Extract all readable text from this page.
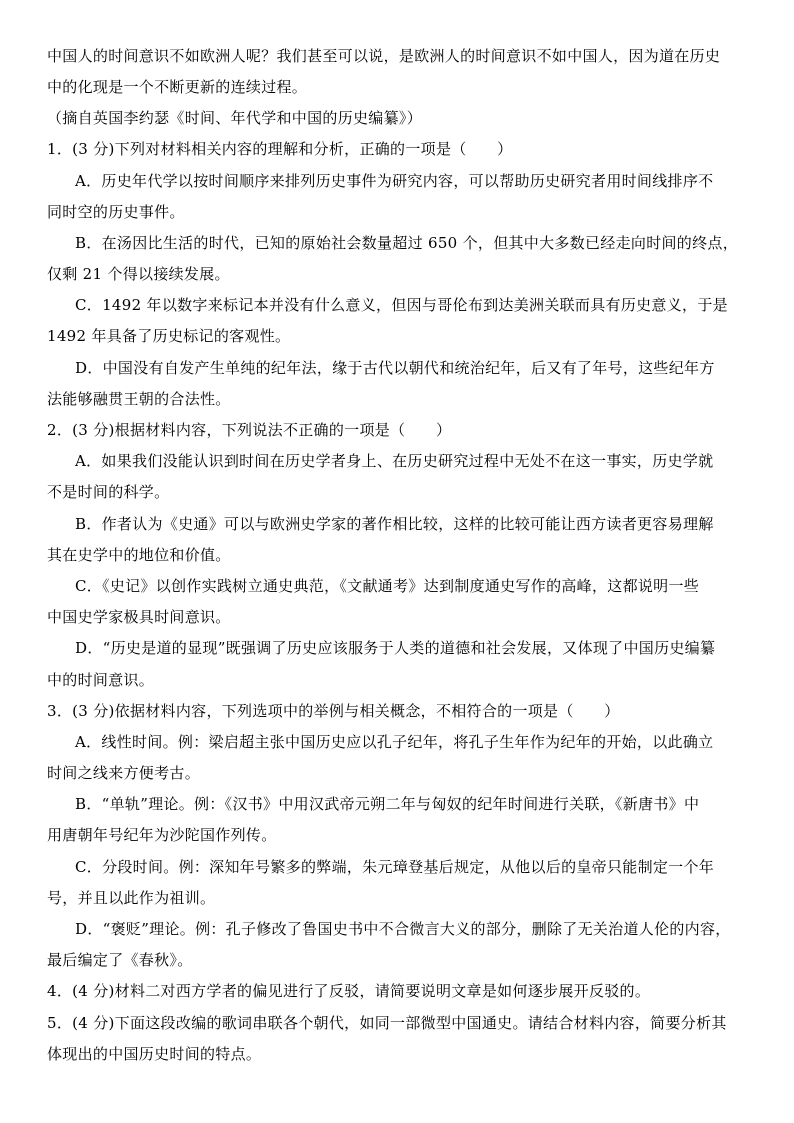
中国人的时间意识不如欧洲人呢？我们甚至可以说，是欧洲人的时间意识不如中国人，因为道在历史
中的化现是一个不断更新的连续过程。
（摘自英国李约瑟《时间、年代学和中国的历史编纂》）
1．(3 分)下列对材料相关内容的理解和分析，正确的一项是（　　）
A．历史年代学以按时间顺序来排列历史事件为研究内容，可以帮助历史研究者用时间线排序不
同时空的历史事件。
B．在汤因比生活的时代，已知的原始社会数量超过 650 个，但其中大多数已经走向时间的终点，
仅剩 21 个得以接续发展。
C．1492 年以数字来标记本并没有什么意义，但因与哥伦布到达美洲关联而具有历史意义，于是
1492 年具备了历史标记的客观性。
D．中国没有自发产生单纯的纪年法，缘于古代以朝代和统治纪年，后又有了年号，这些纪年方
法能够融贯王朝的合法性。
2．(3 分)根据材料内容，下列说法不正确的一项是（　　）
A．如果我们没能认识到时间在历史学者身上、在历史研究过程中无处不在这一事实，历史学就
不是时间的科学。
B．作者认为《史通》可以与欧洲史学家的著作相比较，这样的比较可能让西方读者更容易理解
其在史学中的地位和价值。
C．《史记》以创作实践树立通史典范，《文献通考》达到制度通史写作的高峰，这都说明一些
中国史学家极具时间意识。
D．“历史是道的显现”既强调了历史应该服务于人类的道德和社会发展，又体现了中国历史编纂
中的时间意识。
3．(3 分)依据材料内容，下列选项中的举例与相关概念，不相符合的一项是（　　）
A．线性时间。例：梁启超主张中国历史应以孔子纪年，将孔子生年作为纪年的开始，以此确立
时间之线来方便考古。
B．“单轨”理论。例：《汉书》中用汉武帝元朔二年与匈奴的纪年时间进行关联，《新唐书》中
用唐朝年号纪年为沙陀国作列传。
C．分段时间。例：深知年号繁多的弊端，朱元璋登基后规定，从他以后的皇帝只能制定一个年
号，并且以此作为祖训。
D．“褒贬”理论。例：孔子修改了鲁国史书中不合微言大义的部分，删除了无关治道人伦的内容，
最后编定了《春秋》。
4．(4 分)材料二对西方学者的偏见进行了反驳，请简要说明文章是如何逐步展开反驳的。
5．(4 分)下面这段改编的歌词串联各个朝代，如同一部微型中国通史。请结合材料内容，简要分析其
体现出的中国历史时间的特点。
